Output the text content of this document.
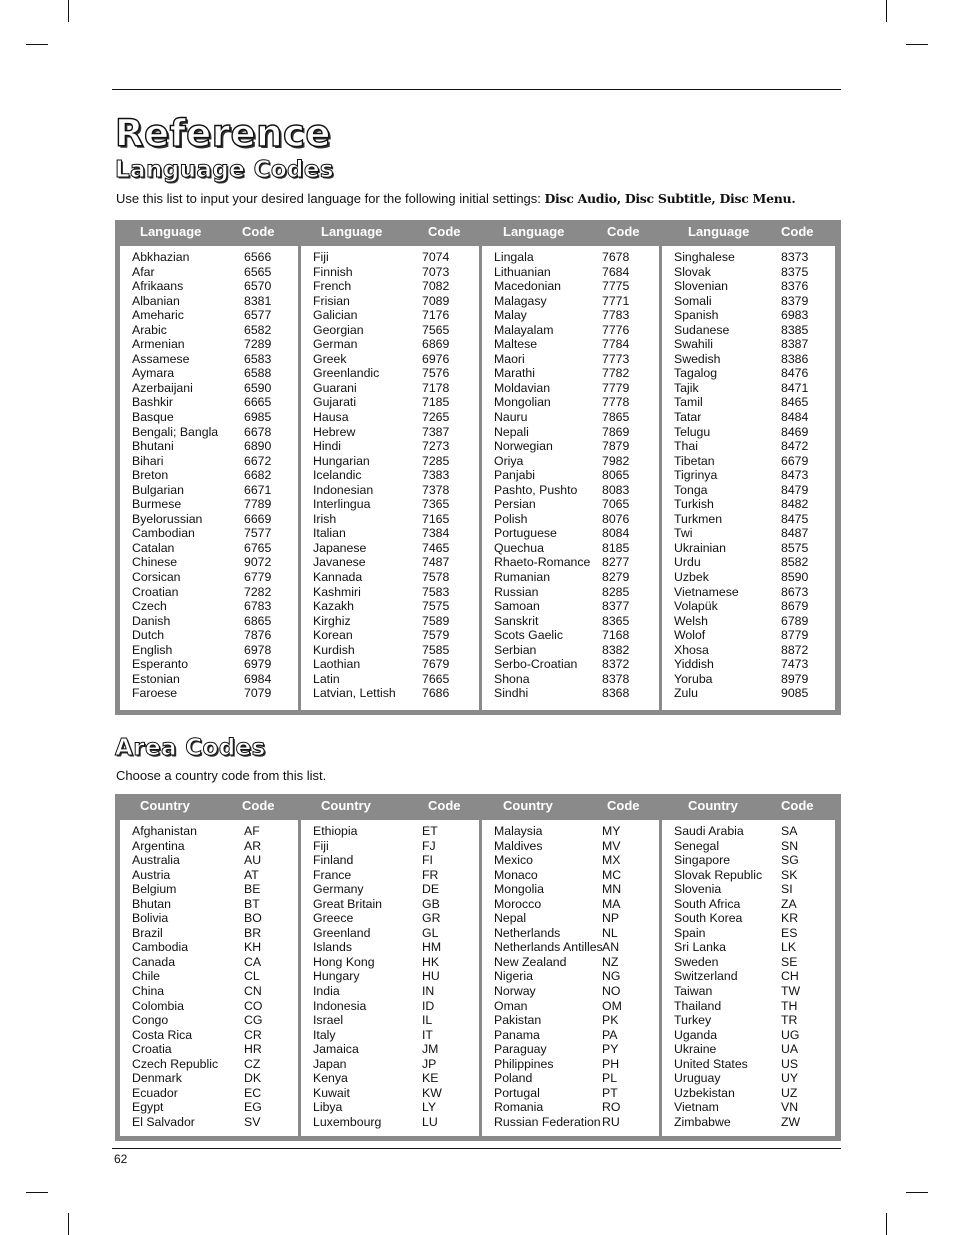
Reference
Language Codes
Use this list to input your desired language for the following initial settings: Disc Audio, Disc Subtitle, Disc Menu.
Language	Code
Abkhazian	6566
Afar	6565
Afrikaans	6570
Albanian	8381
Ameharic	6577
Arabic	6582
Armenian	7289
Assamese	6583
Aymara	6588
Azerbaijani	6590
Bashkir	6665
Basque	6985
Bengali; Bangla 6678
Bhutani	6890
Bihari	6672
Breton	6682
Bulgarian	6671
Burmese	7789
Byelorussian	6669
Cambodian	7577
Catalan	6765
Chinese	9072
Corsican	6779
Croatian	7282
Czech	6783
Danish	6865
Dutch	7876
English	6978
Esperanto	6979
Estonian	6984
Faroese	7079
Language	Code
Fiji	7074
Finnish	7073
French	7082
Frisian	7089
Galician	7176
Georgian	7565
German	6869
Greek	6976
Greenlandic	7576
Guarani	7178
Gujarati	7185
Hausa	7265
Hebrew	7387
Hindi	7273
Hungarian	7285
Icelandic	7383
Indonesian	7378
Interlingua	7365
Irish	7165
Italian	7384
Japanese	7465
Javanese	7487
Kannada	7578
Kashmiri	7583
Kazakh	7575
Kirghiz	7589
Korean	7579
Kurdish	7585
Laothian	7679
Latin	7665
Latvian, Lettish 7686
Language	Code
Lingala	7678
Lithuanian	7684
Macedonian	7775
Malagasy	7771
Malay	7783
Malayalam	7776
Maltese	7784
Maori	7773
Marathi	7782
Moldavian	7779
Mongolian	7778
Nauru	7865
Nepali	7869
Norwegian	7879
Oriya	7982
Panjabi	8065
Pashto, Pushto 8083
Persian	7065
Polish	8076
Portuguese	8084
Quechua	8185
Rhaeto-Romance 8277
Rumanian	8279
Russian	8285
Samoan	8377
Sanskrit	8365
Scots Gaelic	7168
Serbian	8382
Serbo-Croatian 8372
Shona	8378
Sindhi	8368
Language Code
Singhalese	8373
Slovak	8375
Slovenian	8376
Somali	8379
Spanish	6983
Sudanese	8385
Swahili	8387
Swedish	8386
Tagalog	8476
Tajik	8471
Tamil	8465
Tatar	8484
Telugu	8469
Thai	8472
Tibetan	6679
Tigrinya	8473
Tonga	8479
Turkish	8482
Turkmen	8475
Twi	8487
Ukrainian	8575
Urdu	8582
Uzbek	8590
Vietnamese	8673
Volapük	8679
Welsh	6789
Wolof	8779
Xhosa	8872
Yiddish	7473
Yoruba	8979
Zulu	9085
Area Codes
Choose a country code from this list.
Country	Code
Afghanistan	AF
Argentina	AR
Australia	AU
Austria	AT
Belgium	BE
Bhutan	BT
Bolivia	BO
Brazil	BR
Cambodia	KH
Canada	CA
Chile	CL
China	CN
Colombia	CO
Congo	CG
Costa Rica	CR
Croatia	HR
Czech Republic CZ
Denmark	DK
Ecuador	EC
Egypt	EG
El Salvador	SV
Country	Code
Ethiopia	ET
Fiji	FJ
Finland	FI
France	FR
Germany	DE
Great Britain	GB
Greece	GR
Greenland	GL
Islands	HM
Hong Kong	HK
Hungary	HU
India	IN
Indonesia	ID
Israel	IL
Italy	IT
Jamaica	JM
Japan	JP
Kenya	KE
Kuwait	KW
Libya	LY
Luxembourg	LU
Country	Code
Malaysia	MY
Maldives	MV
Mexico	MX
Monaco	MC
Mongolia	MN
Morocco	MA
Nepal	NP
Netherlands	NL
Netherlands Antilles AN
New Zealand	NZ
Nigeria	NG
Norway	NO
Oman	OM
Pakistan	PK
Panama	PA
Paraguay	PY
Philippines	PH
Poland	PL
Portugal	PT
Romania	RO
Russian Federation RU
Country	Code
Saudi Arabia	SA
Senegal	SN
Singapore	SG
Slovak Republic SK
Slovenia	SI
South Africa	ZA
South Korea	KR
Spain	ES
Sri Lanka	LK
Sweden	SE
Switzerland	CH
Taiwan	TW
Thailand	TH
Turkey	TR
Uganda	UG
Ukraine	UA
United States	US
Uruguay	UY
Uzbekistan	UZ
Vietnam	VN
Zimbabwe	ZW
62
